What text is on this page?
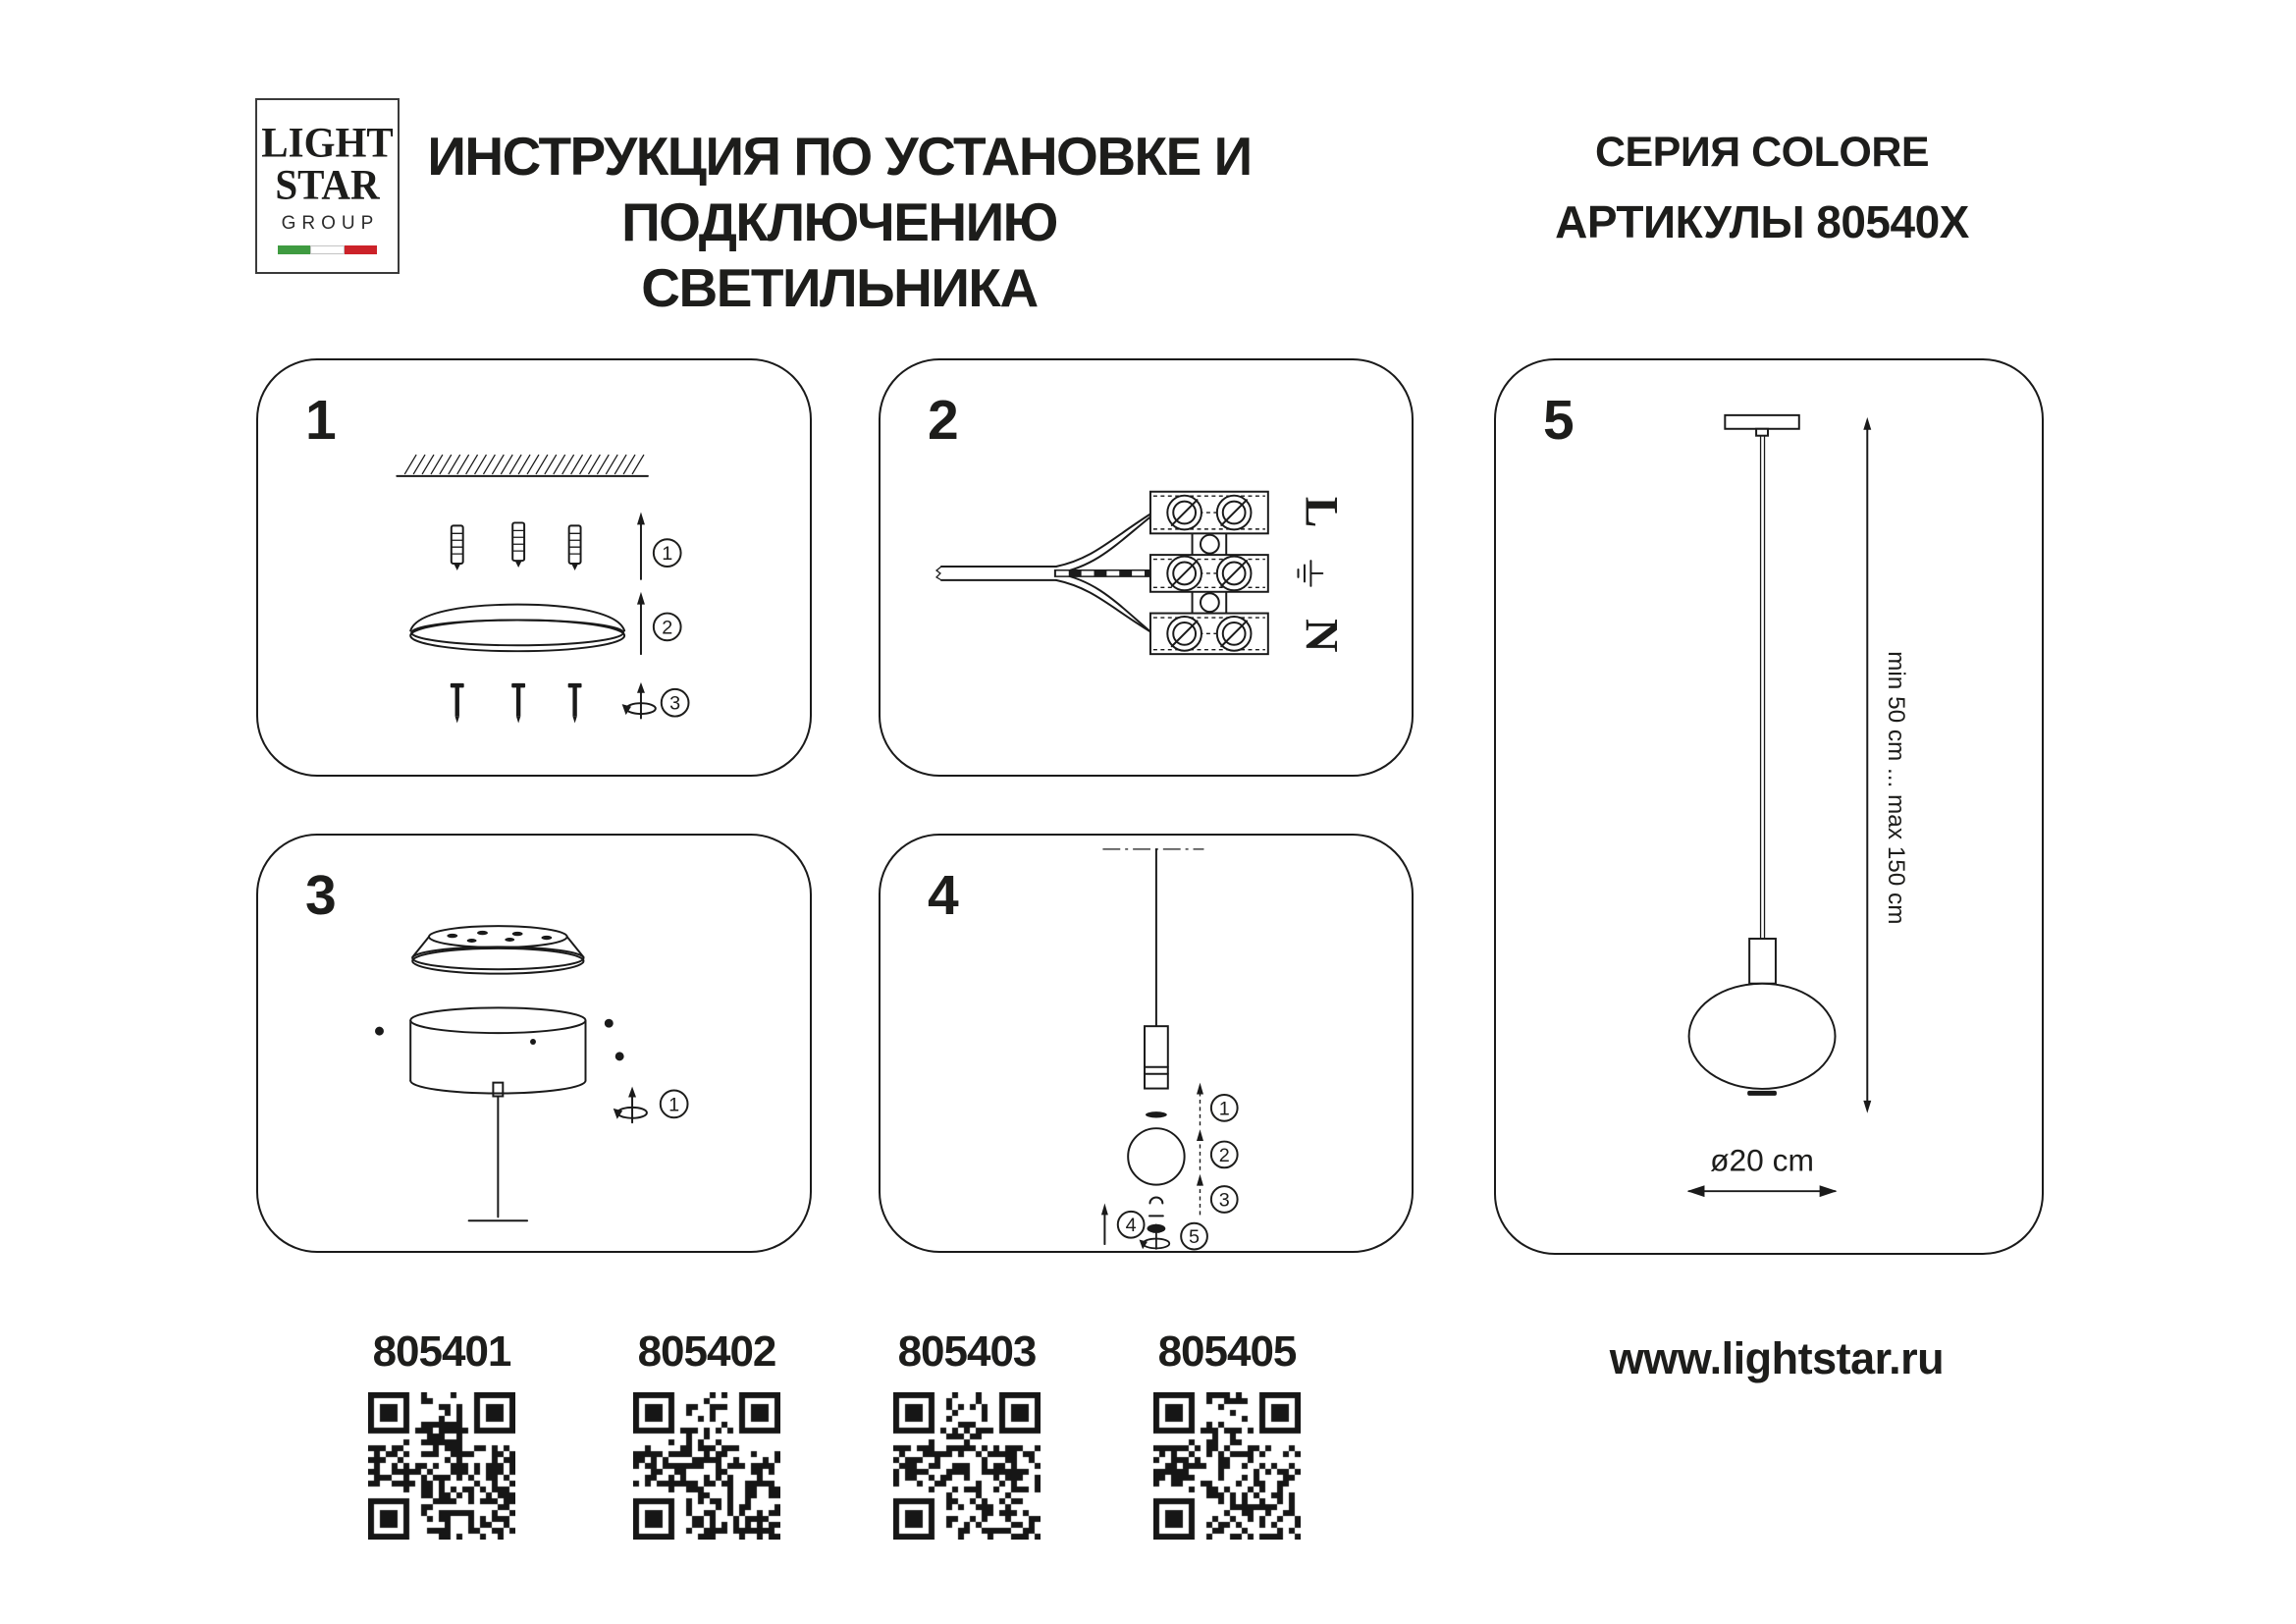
LIGHT
STAR
GROUP
ИНСТРУКЦИЯ ПО УСТАНОВКЕ И
ПОДКЛЮЧЕНИЮ СВЕТИЛЬНИКА
СЕРИЯ COLORE
АРТИКУЛЫ 80540X
1
1
2
3
2
L
N
3
1
4
1
2
3
4
5
5
min 50 cm ... max 150 cm
ø20 cm
805401	805402	805403	805405	www.lightstar.ru
